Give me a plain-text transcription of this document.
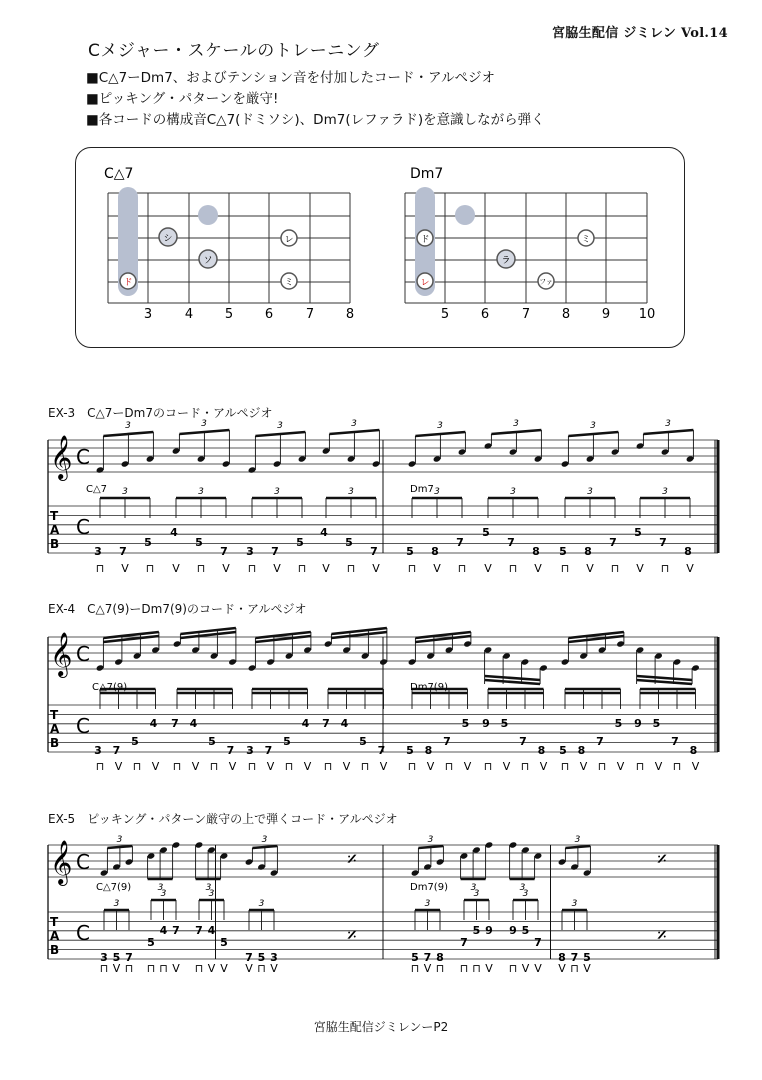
宮脇生配信 ジミレン Vol.14
Cメジャー・スケールのトレーニング
■C△7ーDm7、およびテンション音を付加したコード・アルペジオ
■ピッキング・パターンを厳守!
■各コードの構成音C△7(ドミソシ)、Dm7(レファラド)を意識しながら弾く
C△7
シ
ソ
レ
ド	ミ
3	4 5 6	7 8
Dm7
ド	ミ
ラ
レ	ファ
5 6	7 8 9 10
EX-3　C△7ーDm7のコード・アルペジオ
EX-4　C△7(9)ーDm7(9)のコード・アルペジオ
EX-5　ピッキング・パターン厳守の上で弾くコード・アルペジオ
𝄞 C
T
A
B
C
3
3
3
3
3
3
3
3
3
3
3
3
3
3
3
3
3 7
5
4
5
7 3 7
5
4
5
7	5 8
7
5
7
8 5 8
7
5
7
8
C△7	Dm7
⊓ V ⊓ V ⊓ V ⊓ V ⊓ V ⊓ V	⊓ V ⊓ V ⊓ V ⊓ V ⊓ V ⊓ V
𝄞 C
T
A
B
C
3 7
5
4 7 4
5
7 3 7
5
4 7 4
5
7 5 8
7
5 9 5
7
8 5 8
7
5 9 5
7
8
C△7(9)	Dm7(9)
⊓ V ⊓ V ⊓ V ⊓ V ⊓ V ⊓ V ⊓ V ⊓ V ⊓ V ⊓ V ⊓ V ⊓ V ⊓ V ⊓ V ⊓ V ⊓ V
𝄞 C
T
A
B
C
3
3
3
3
3
3
3
3
3
3
3
3
3
3
3
3
3 5 7
5
4 7 7 4
5
7 5 3	5 7 8
7
5 9 9 5
7
8 7 5
C△7(9)	Dm7(9)
𝄎	𝄎
𝄎	𝄎
⊓ V ⊓ ⊓ ⊓ V ⊓ V V V ⊓ V	⊓ V ⊓ ⊓ ⊓ V ⊓ V V V ⊓ V
宮脇生配信ジミレンーP2
